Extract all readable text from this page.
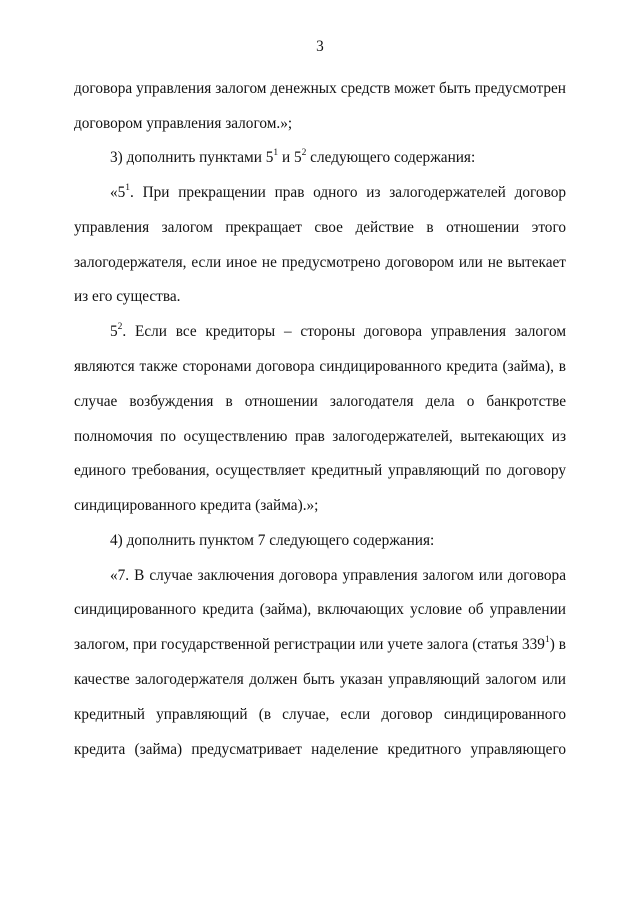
3
договора управления залогом денежных средств может быть предусмотрен
договором управления залогом.»;
3) дополнить пунктами $5^1$ и $5^2$ следующего содержания:
«$5^1$. При прекращении прав одного из залогодержателей договор
управления залогом прекращает свое действие в отношении этого
залогодержателя, если иное не предусмотрено договором или не вытекает
из его существа.
$5^2$. Если все кредиторы – стороны договора управления залогом
являются также сторонами договора синдицированного кредита (займа), в
случае возбуждения в отношении залогодателя дела о банкротстве
полномочия по осуществлению прав залогодержателей, вытекающих из
единого требования, осуществляет кредитный управляющий по договору
синдицированного кредита (займа).»;
4) дополнить пунктом 7 следующего содержания:
«7. В случае заключения договора управления залогом или договора
синдицированного кредита (займа), включающих условие об управлении
залогом, при государственной регистрации или учете залога (статья $339^1$) в
качестве залогодержателя должен быть указан управляющий залогом или
кредитный управляющий (в случае, если договор синдицированного
кредита (займа) предусматривает наделение кредитного управляющего
